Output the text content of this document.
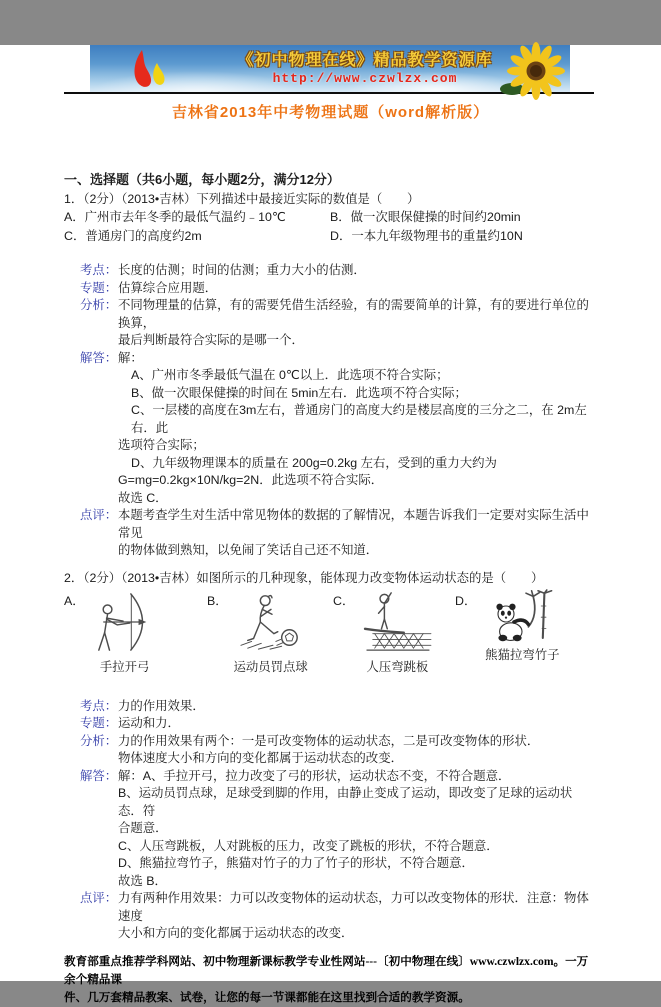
《初中物理在线》精品教学资源库
http://www.czwlzx.com
吉林省2013年中考物理试题（word解析版）
一、选择题（共6小题，每小题2分，满分12分）
1．（2分）（2013•吉林）下列描述中最接近实际的数值是（　　）
A．广州市去年冬季的最低气温约﹣10℃	B．做一次眼保健操的时间约20min
C．普通房门的高度约2m	D．一本九年级物理书的重量约10N
考点： 长度的估测；时间的估测；重力大小的估测．
专题： 估算综合应用题．
分析： 不同物理量的估算，有的需要凭借生活经验，有的需要简单的计算，有的要进行单位的换算，
最后判断最符合实际的是哪一个．
解答： 解：
A、广州市冬季最低气温在 0℃以上．此选项不符合实际；
B、做一次眼保健操的时间在 5min左右．此选项不符合实际；
C、一层楼的高度在3m左右，普通房门的高度大约是楼层高度的三分之二，在 2m左右．此
选项符合实际；
D、九年级物理课本的质量在 200g=0.2kg 左右，受到的重力大约为
G=mg=0.2kg×10N/kg=2N．此选项不符合实际．
故选 C．
点评： 本题考查学生对生活中常见物体的数据的了解情况，本题告诉我们一定要对实际生活中常见
的物体做到熟知，以免闹了笑话自己还不知道．
2．（2分）（2013•吉林）如图所示的几种现象，能体现力改变物体运动状态的是（　　）
A．
手拉开弓
B．
运动员罚点球
C．
人压弯跳板
D．
熊猫拉弯竹子
考点： 力的作用效果．
专题： 运动和力．
分析： 力的作用效果有两个：一是可改变物体的运动状态，二是可改变物体的形状．
物体速度大小和方向的变化都属于运动状态的改变．
解答： 解：A、手拉开弓，拉力改变了弓的形状，运动状态不变，不符合题意．
B、运动员罚点球，足球受到脚的作用，由静止变成了运动，即改变了足球的运动状态．符
合题意．
C、人压弯跳板，人对跳板的压力，改变了跳板的形状，不符合题意．
D、熊猫拉弯竹子，熊猫对竹子的力了竹子的形状，不符合题意．
故选 B．
点评： 力有两种作用效果：力可以改变物体的运动状态，力可以改变物体的形状．注意：物体速度
大小和方向的变化都属于运动状态的改变．
教育部重点推荐学科网站、初中物理新课标教学专业性网站---〔初中物理在线〕www.czwlzx.com。一万余个精品课
件、几万套精品教案、试卷，让您的每一节课都能在这里找到合适的教学资源。
